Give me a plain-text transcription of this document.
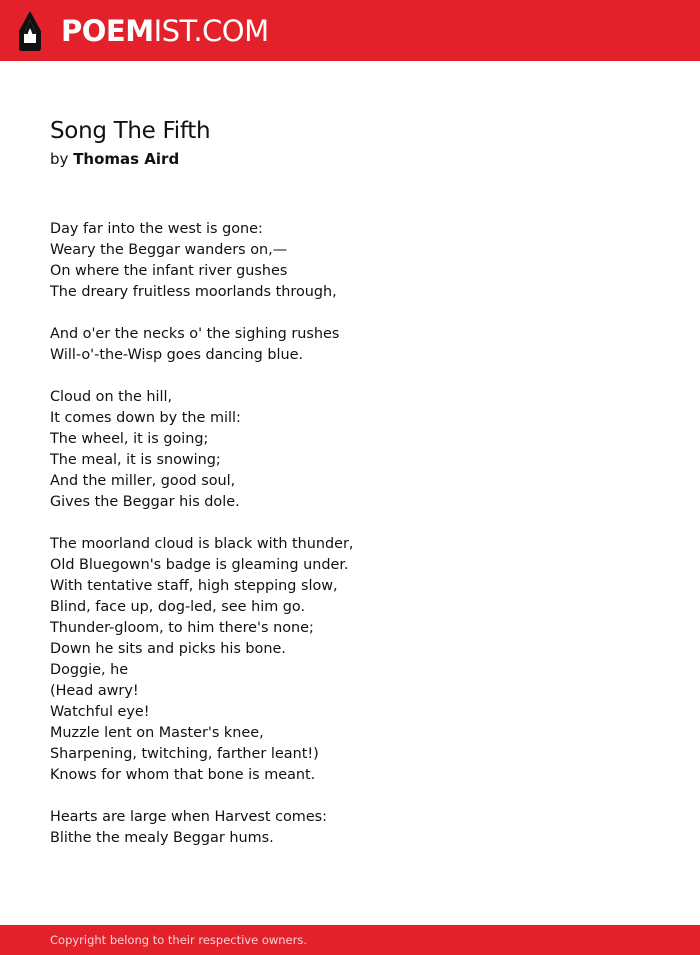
POEMIST.COM
Song The Fifth
by Thomas Aird
Day far into the west is gone:
Weary the Beggar wanders on,—
On where the infant river gushes
The dreary fruitless moorlands through,
And o'er the necks o' the sighing rushes
Will-o'-the-Wisp goes dancing blue.
Cloud on the hill,
It comes down by the mill:
The wheel, it is going;
The meal, it is snowing;
And the miller, good soul,
Gives the Beggar his dole.
The moorland cloud is black with thunder,
Old Bluegown's badge is gleaming under.
With tentative staff, high stepping slow,
Blind, face up, dog-led, see him go.
Thunder-gloom, to him there's none;
Down he sits and picks his bone.
Doggie, he
(Head awry!
Watchful eye!
Muzzle lent on Master's knee,
Sharpening, twitching, farther leant!)
Knows for whom that bone is meant.
Hearts are large when Harvest comes:
Blithe the mealy Beggar hums.
Copyright belong to their respective owners.
